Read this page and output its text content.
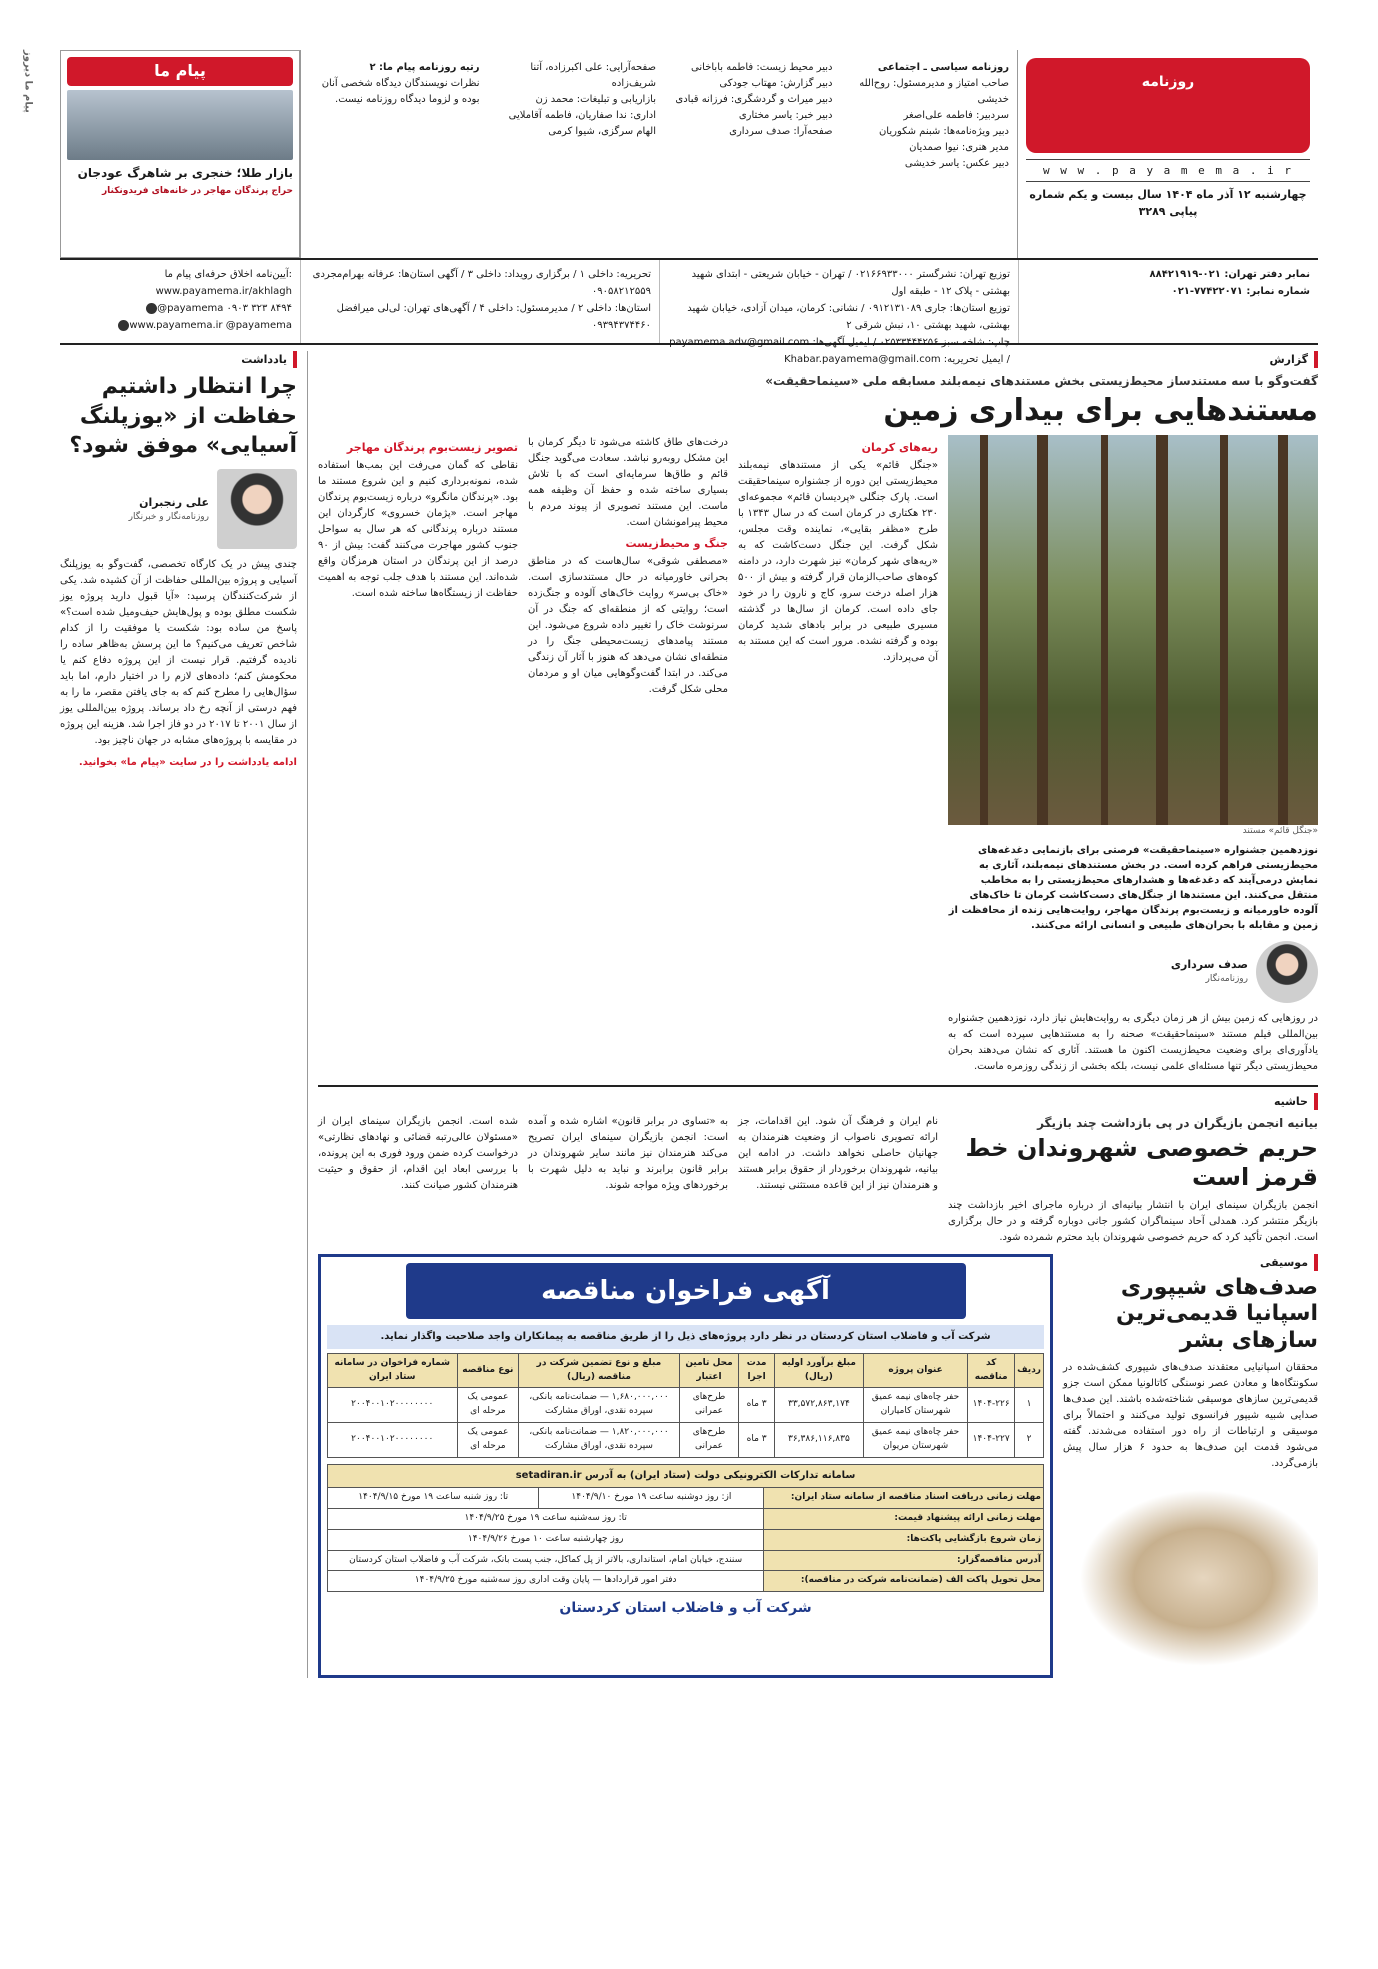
پیام ما دیروز	روزنامه
w w w . p a y a m e m a . i r
چهارشنبه ۱۲ آذر ماه ۱۴۰۴ سال بیست و یکم شماره پیاپی ۳۲۸۹
روزنامه سیاسی ـ اجتماعی
صاحب امتیاز و مدیرمسئول: روح‌الله خدیشی
سردبیر: فاطمه علی‌اصغر
دبیر ویژه‌نامه‌ها: شبنم شکوریان
مدیر هنری: نیوا صمدیان
دبیر عکس: یاسر خدیشی
دبیر محیط زیست: فاطمه باباخانی
دبیر گزارش: مهتاب جودکی
دبیر میراث و گردشگری: فرزانه قبادی
دبیر خبر: یاسر مختاری
صفحه‌آرا: صدف سرداری
صفحه‌آرایی: علی اکبرزاده، آتنا شریف‌زاده
بازاریابی و تبلیغات: محمد زن
اداری: ندا صفاریان، فاطمه آقاملایی
الهام سرگزی، شیوا کرمی
رتبه روزنامه پیام ما: ۲
نظرات نویسندگان دیدگاه شخصی آنان
بوده و لزوما دیدگاه روزنامه نیست.
پیام ما
بازار طلا؛ خنجری بر شاهرگ عودجان
حراج پرندگان مهاجر در خانه‌های فریدونکنار
نمابر دفتر تهران: ۰۲۱-۸۸۴۲۱۹۱۹
شماره نمابر: ۷۷۴۲۲۰۷۱-۰۲۱
توزیع تهران: نشرگستر ۰۲۱۶۶۹۳۳۰۰۰ / تهران - خیابان شریعتی - ابتدای شهید بهشتی - پلاک ۱۲ - طبقه اول
توزیع استان‌ها: جاری ۰۹۱۲۱۳۱۰۸۹ / نشانی: کرمان، میدان آزادی، خیابان شهید بهشتی، شهید بهشتی ۱۰، نبش شرقی ۲
چاپ: شاخه سبز ۰۲۵۳۳۴۴۴۲۵۶ / ایمیل آگهی‌ها: payamema.adv@gmail.com / ایمیل تحریریه: Khabar.payamema@gmail.com
تحریریه: داخلی ۱ / برگزاری رویداد: داخلی ۳ / آگهی استان‌ها: عرفانه بهرام‌مجردی ۰۹۰۵۸۲۱۲۵۵۹
استان‌ها: داخلی ۲ / مدیرمسئول: داخلی ۴ / آگهی‌های تهران: لی‌لی میرافضل ۰۹۳۹۴۳۷۴۴۶۰
آیین‌نامه اخلاق حرفه‌ای پیام ما:
www.payamema.ir/akhlagh
@payamema ۰۹۰۳ ۳۲۳ ۸۴۹۴
www.payamema.ir @payamema
گزارش
گفت‌وگو با سه مستندساز محیط‌زیستی بخش مستندهای نیمه‌بلند مسابقه ملی «سینماحقیقت»
مستندهایی برای بیداری زمین
«جنگل قائم» مستند
نوزدهمین جشنواره «سینماحقیقت» فرصتی برای بازنمایی دغدغه‌های محیط‌زیستی فراهم کرده است. در بخش مستندهای نیمه‌بلند، آثاری به نمایش درمی‌آیند که دغدغه‌ها و هشدارهای محیط‌زیستی را به مخاطب منتقل می‌کنند. این مستندها از جنگل‌های دست‌کاشت کرمان تا خاک‌های آلوده خاورمیانه و زیست‌بوم پرندگان مهاجر، روایت‌هایی زنده از محافظت از زمین و مقابله با بحران‌های طبیعی و انسانی ارائه می‌کنند.
صدف سرداری
روزنامه‌نگار
در روزهایی که زمین بیش از هر زمان دیگری به روایت‌هایش نیاز دارد، نوزدهمین جشنواره بین‌المللی فیلم مستند «سینماحقیقت» صحنه را به مستندهایی سپرده است که به یادآوری‌ای برای وضعیت محیط‌زیست اکنون ما هستند. آثاری که نشان می‌دهند بحران محیط‌زیستی دیگر تنها مسئله‌ای علمی نیست، بلکه بخشی از زندگی روزمره ماست.
ریه‌های کرمان
«جنگل قائم» یکی از مستندهای نیمه‌بلند محیط‌زیستی این دوره از جشنواره سینماحقیقت است. پارک جنگلی «پردیسان قائم» مجموعه‌ای ۲۳۰ هکتاری در کرمان است که در سال ۱۳۴۳ با طرح «مظفر بقایی»، نماینده وقت مجلس، شکل گرفت. این جنگل دست‌کاشت که به «ریه‌های شهر کرمان» نیز شهرت دارد، در دامنه کوه‌های صاحب‌الزمان قرار گرفته و بیش از ۵۰۰ هزار اصله درخت سرو، کاج و نارون را در خود جای داده است. کرمان از سال‌ها در گذشته مسیری طبیعی در برابر بادهای شدید کرمان بوده و گرفته نشده. مرور است که این مستند به آن می‌پردازد.
درخت‌های طاق کاشته می‌شود تا دیگر کرمان با این مشکل روبه‌رو نباشد. سعادت می‌گوید جنگل قائم و طاق‌ها سرمایه‌ای است که با تلاش بسیاری ساخته شده و حفظ آن وظیفه همه ماست. این مستند تصویری از پیوند مردم با محیط پیرامونشان است.
جنگ و محیط‌زیست
«مصطفی شوقی» سال‌هاست که در مناطق بحرانی خاورمیانه در حال مستندسازی است. «خاک بی‌سر» روایت خاک‌های آلوده و جنگ‌زده است؛ روایتی که از منطقه‌ای که جنگ در آن سرنوشت خاک را تغییر داده شروع می‌شود. این مستند پیامدهای زیست‌محیطی جنگ را در منطقه‌ای نشان می‌دهد که هنوز با آثار آن زندگی می‌کند. در ابتدا گفت‌وگوهایی میان او و مردمان محلی شکل گرفت.
تصویر زیست‌بوم پرندگان مهاجر
نقاطی که گمان می‌رفت این بمب‌ها استفاده شده، نمونه‌برداری کنیم و این شروع مستند ما بود. «پرندگان مانگرو» درباره زیست‌بوم پرندگان مهاجر است. «پژمان خسروی» کارگردان این مستند درباره پرندگانی که هر سال به سواحل جنوب کشور مهاجرت می‌کنند گفت: بیش از ۹۰ درصد از این پرندگان در استان هرمزگان واقع شده‌اند. این مستند با هدف جلب توجه به اهمیت حفاظت از زیستگاه‌ها ساخته شده است.
حاشیه
بیانیه انجمن بازیگران در پی بازداشت چند بازیگر
حریم خصوصی شهروندان خط قرمز است
انجمن بازیگران سینمای ایران با انتشار بیانیه‌ای از درباره ماجرای اخیر بازداشت چند بازیگر منتشر کرد. همدلی آحاد سینماگران کشور جانی دوباره گرفته و در حال برگزاری است. انجمن تأکید کرد که حریم خصوصی شهروندان باید محترم شمرده شود.
نام ایران و فرهنگ آن شود. این اقدامات، جز ارائه تصویری ناصواب از وضعیت هنرمندان به جهانیان حاصلی نخواهد داشت. در ادامه این بیانیه، شهروندان برخوردار از حقوق برابر هستند و هنرمندان نیز از این قاعده مستثنی نیستند.
به «تساوی در برابر قانون» اشاره شده و آمده است: انجمن بازیگران سینمای ایران تصریح می‌کند هنرمندان نیز مانند سایر شهروندان در برابر قانون برابرند و نباید به دلیل شهرت با برخوردهای ویژه مواجه شوند.
شده است. انجمن بازیگران سینمای ایران از «مسئولان عالی‌رتبه قضائی و نهادهای نظارتی» درخواست کرده ضمن ورود فوری به این پرونده، با بررسی ابعاد این اقدام، از حقوق و حیثیت هنرمندان کشور صیانت کنند.
موسیقی
صدف‌های شیپوری اسپانیا قدیمی‌ترین سازهای بشر
محققان اسپانیایی معتقدند صدف‌های شیپوری کشف‌شده در سکونتگاه‌ها و معادن عصر نوسنگی کاتالونیا ممکن است جزو قدیمی‌ترین سازهای موسیقی شناخته‌شده باشند. این صدف‌ها صدایی شبیه شیپور فرانسوی تولید می‌کنند و احتمالاً برای موسیقی و ارتباطات از راه دور استفاده می‌شدند. گفته می‌شود قدمت این صدف‌ها به حدود ۶ هزار سال پیش بازمی‌گردد.
آگهی فراخوان مناقصه
شرکت آب و فاضلاب استان کردستان در نظر دارد پروژه‌های ذیل را از طریق مناقصه به پیمانکاران واجد صلاحیت واگذار نماید.
ردیف	کد مناقصه	عنوان پروژه	مبلغ برآورد اولیه (ریال)	مدت اجرا	محل تامین اعتبار	مبلغ و نوع تضمین شرکت در مناقصه (ریال)	نوع مناقصه	شماره فراخوان در سامانه ستاد ایران
۱	۱۴۰۴-۲۲۶	حفر چاه‌های نیمه عمیق شهرستان کامیاران	۳۳,۵۷۲,۸۶۳,۱۷۴	۳ ماه	طرح‌های عمرانی	۱,۶۸۰,۰۰۰,۰۰۰ — ضمانت‌نامه بانکی، سپرده نقدی، اوراق مشارکت	عمومی یک مرحله ای	۲۰۰۴۰۰۱۰۲۰۰۰۰۰۰۰۰
۲	۱۴۰۴-۲۲۷	حفر چاه‌های نیمه عمیق شهرستان مریوان	۳۶,۳۸۶,۱۱۶,۸۳۵	۳ ماه	طرح‌های عمرانی	۱,۸۲۰,۰۰۰,۰۰۰ — ضمانت‌نامه بانکی، سپرده نقدی، اوراق مشارکت	عمومی یک مرحله ای	۲۰۰۴۰۰۱۰۲۰۰۰۰۰۰۰۰
سامانه تدارکات الکترونیکی دولت (ستاد ایران) به آدرس setadiran.ir		
مهلت زمانی دریافت اسناد مناقصه از سامانه ستاد ایران:	از: روز دوشنبه ساعت ۱۹ مورخ ۱۴۰۴/۹/۱۰	تا: روز شنبه ساعت ۱۹ مورخ ۱۴۰۴/۹/۱۵
مهلت زمانی ارائه پیشنهاد قیمت:	تا: روز سه‌شنبه ساعت ۱۹ مورخ ۱۴۰۴/۹/۲۵	
زمان شروع بازگشایی پاکت‌ها:	روز چهارشنبه ساعت ۱۰ مورخ ۱۴۰۴/۹/۲۶	
آدرس مناقصه‌گزار:	سنندج، خیابان امام، استانداری، بالاتر از پل کماکل، جنب پست بانک، شرکت آب و فاضلاب استان کردستان	
محل تحویل پاکت الف (ضمانت‌نامه شرکت در مناقصه):	دفتر امور قراردادها — پایان وقت اداری روز سه‌شنبه مورخ ۱۴۰۴/۹/۲۵	
شرکت آب و فاضلاب استان کردستان
یادداشت
چرا انتظار داشتیم حفاظت از «یوزپلنگ آسیایی» موفق شود؟
علی رنجبران
روزنامه‌نگار و خبرنگار
چندی پیش در یک کارگاه تخصصی، گفت‌وگو به یوزپلنگ آسیایی و پروژه بین‌المللی حفاظت از آن کشیده شد. یکی از شرکت‌کنندگان پرسید: «آیا قبول دارید پروژه یوز شکست مطلق بوده و پول‌هایش حیف‌ومیل شده است؟» پاسخ من ساده بود: شکست یا موفقیت را از کدام شاخص تعریف می‌کنیم؟ ما این پرسش به‌ظاهر ساده را نادیده گرفتیم. قرار نیست از این پروژه دفاع کنم یا محکومش کنم؛ داده‌های لازم را در اختیار دارم، اما باید سؤال‌هایی را مطرح کنم که به جای یافتن مقصر، ما را به فهم درستی از آنچه رخ داد برساند. پروژه بین‌المللی یوز از سال ۲۰۰۱ تا ۲۰۱۷ در دو فاز اجرا شد. هزینه این پروژه در مقایسه با پروژه‌های مشابه در جهان ناچیز بود.
ادامه یادداشت را در سایت «پیام ما» بخوانید.
